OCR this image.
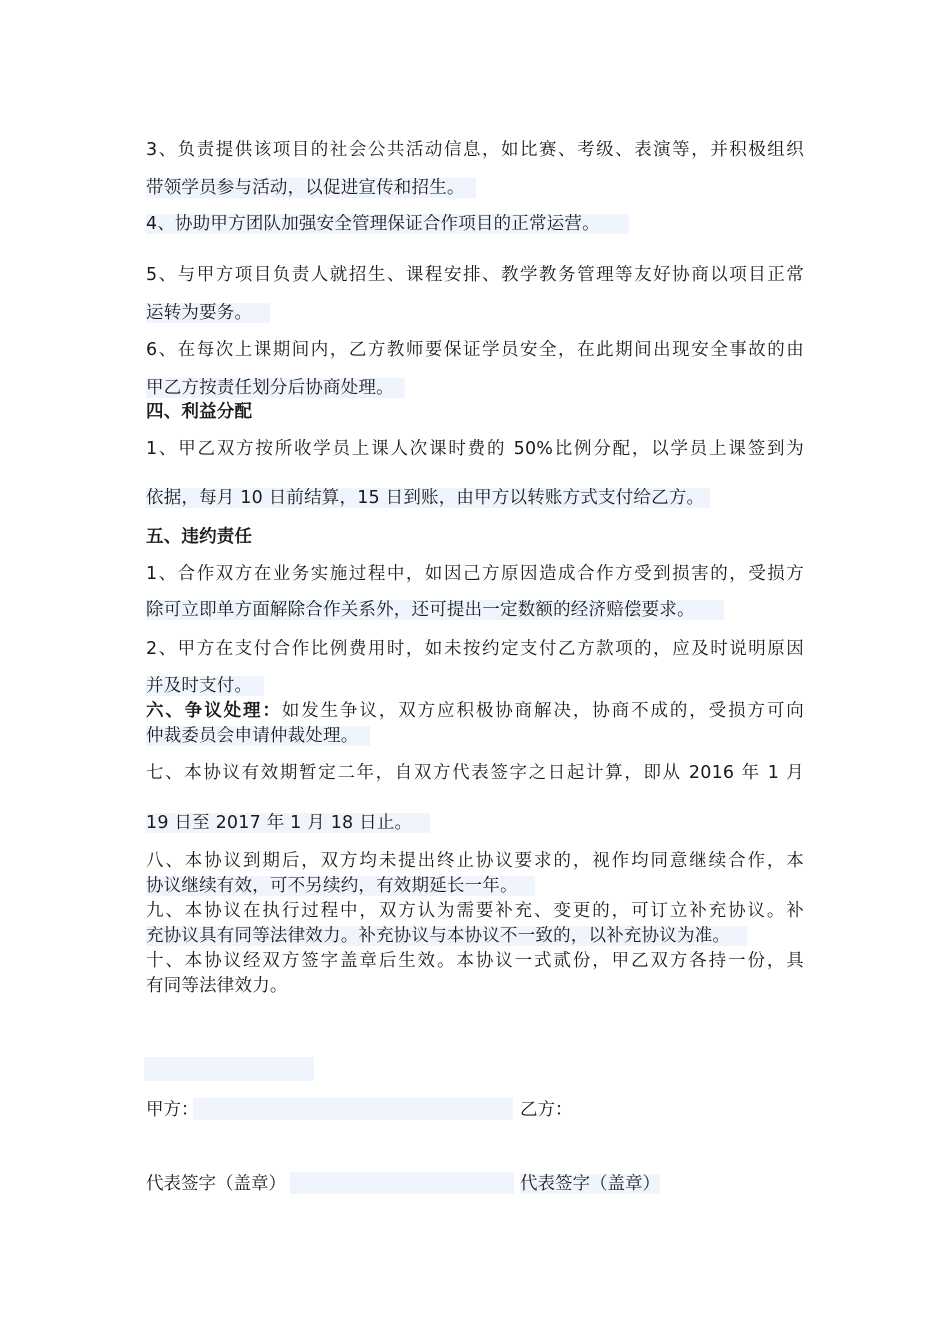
3、负责提供该项目的社会公共活动信息，如比赛、考级、表演等，并积极组织
带领学员参与活动，以促进宣传和招生。
4、协助甲方团队加强安全管理保证合作项目的正常运营。
5、与甲方项目负责人就招生、课程安排、教学教务管理等友好协商以项目正常
运转为要务。
6、在每次上课期间内，乙方教师要保证学员安全，在此期间出现安全事故的由
甲乙方按责任划分后协商处理。
四、利益分配
1、甲乙双方按所收学员上课人次课时费的 50%比例分配，以学员上课签到为
依据，每月 10 日前结算，15 日到账，由甲方以转账方式支付给乙方。
五、违约责任
1、合作双方在业务实施过程中，如因己方原因造成合作方受到损害的，受损方
除可立即单方面解除合作关系外，还可提出一定数额的经济赔偿要求。
2、甲方在支付合作比例费用时，如未按约定支付乙方款项的，应及时说明原因
并及时支付。
六、争议处理：如发生争议，双方应积极协商解决，协商不成的，受损方可向
仲裁委员会申请仲裁处理。
七、本协议有效期暂定二年，自双方代表签字之日起计算，即从 2016 年 1 月
19 日至 2017 年 1 月 18 日止。
八、本协议到期后，双方均未提出终止协议要求的，视作均同意继续合作，本
协议继续有效，可不另续约，有效期延长一年。
九、本协议在执行过程中，双方认为需要补充、变更的，可订立补充协议。补
充协议具有同等法律效力。补充协议与本协议不一致的，以补充协议为准。
十、本协议经双方签字盖章后生效。本协议一式贰份，甲乙双方各持一份，具
有同等法律效力。
甲方：	乙方：
代表签字（盖章）	代表签字（盖章）
